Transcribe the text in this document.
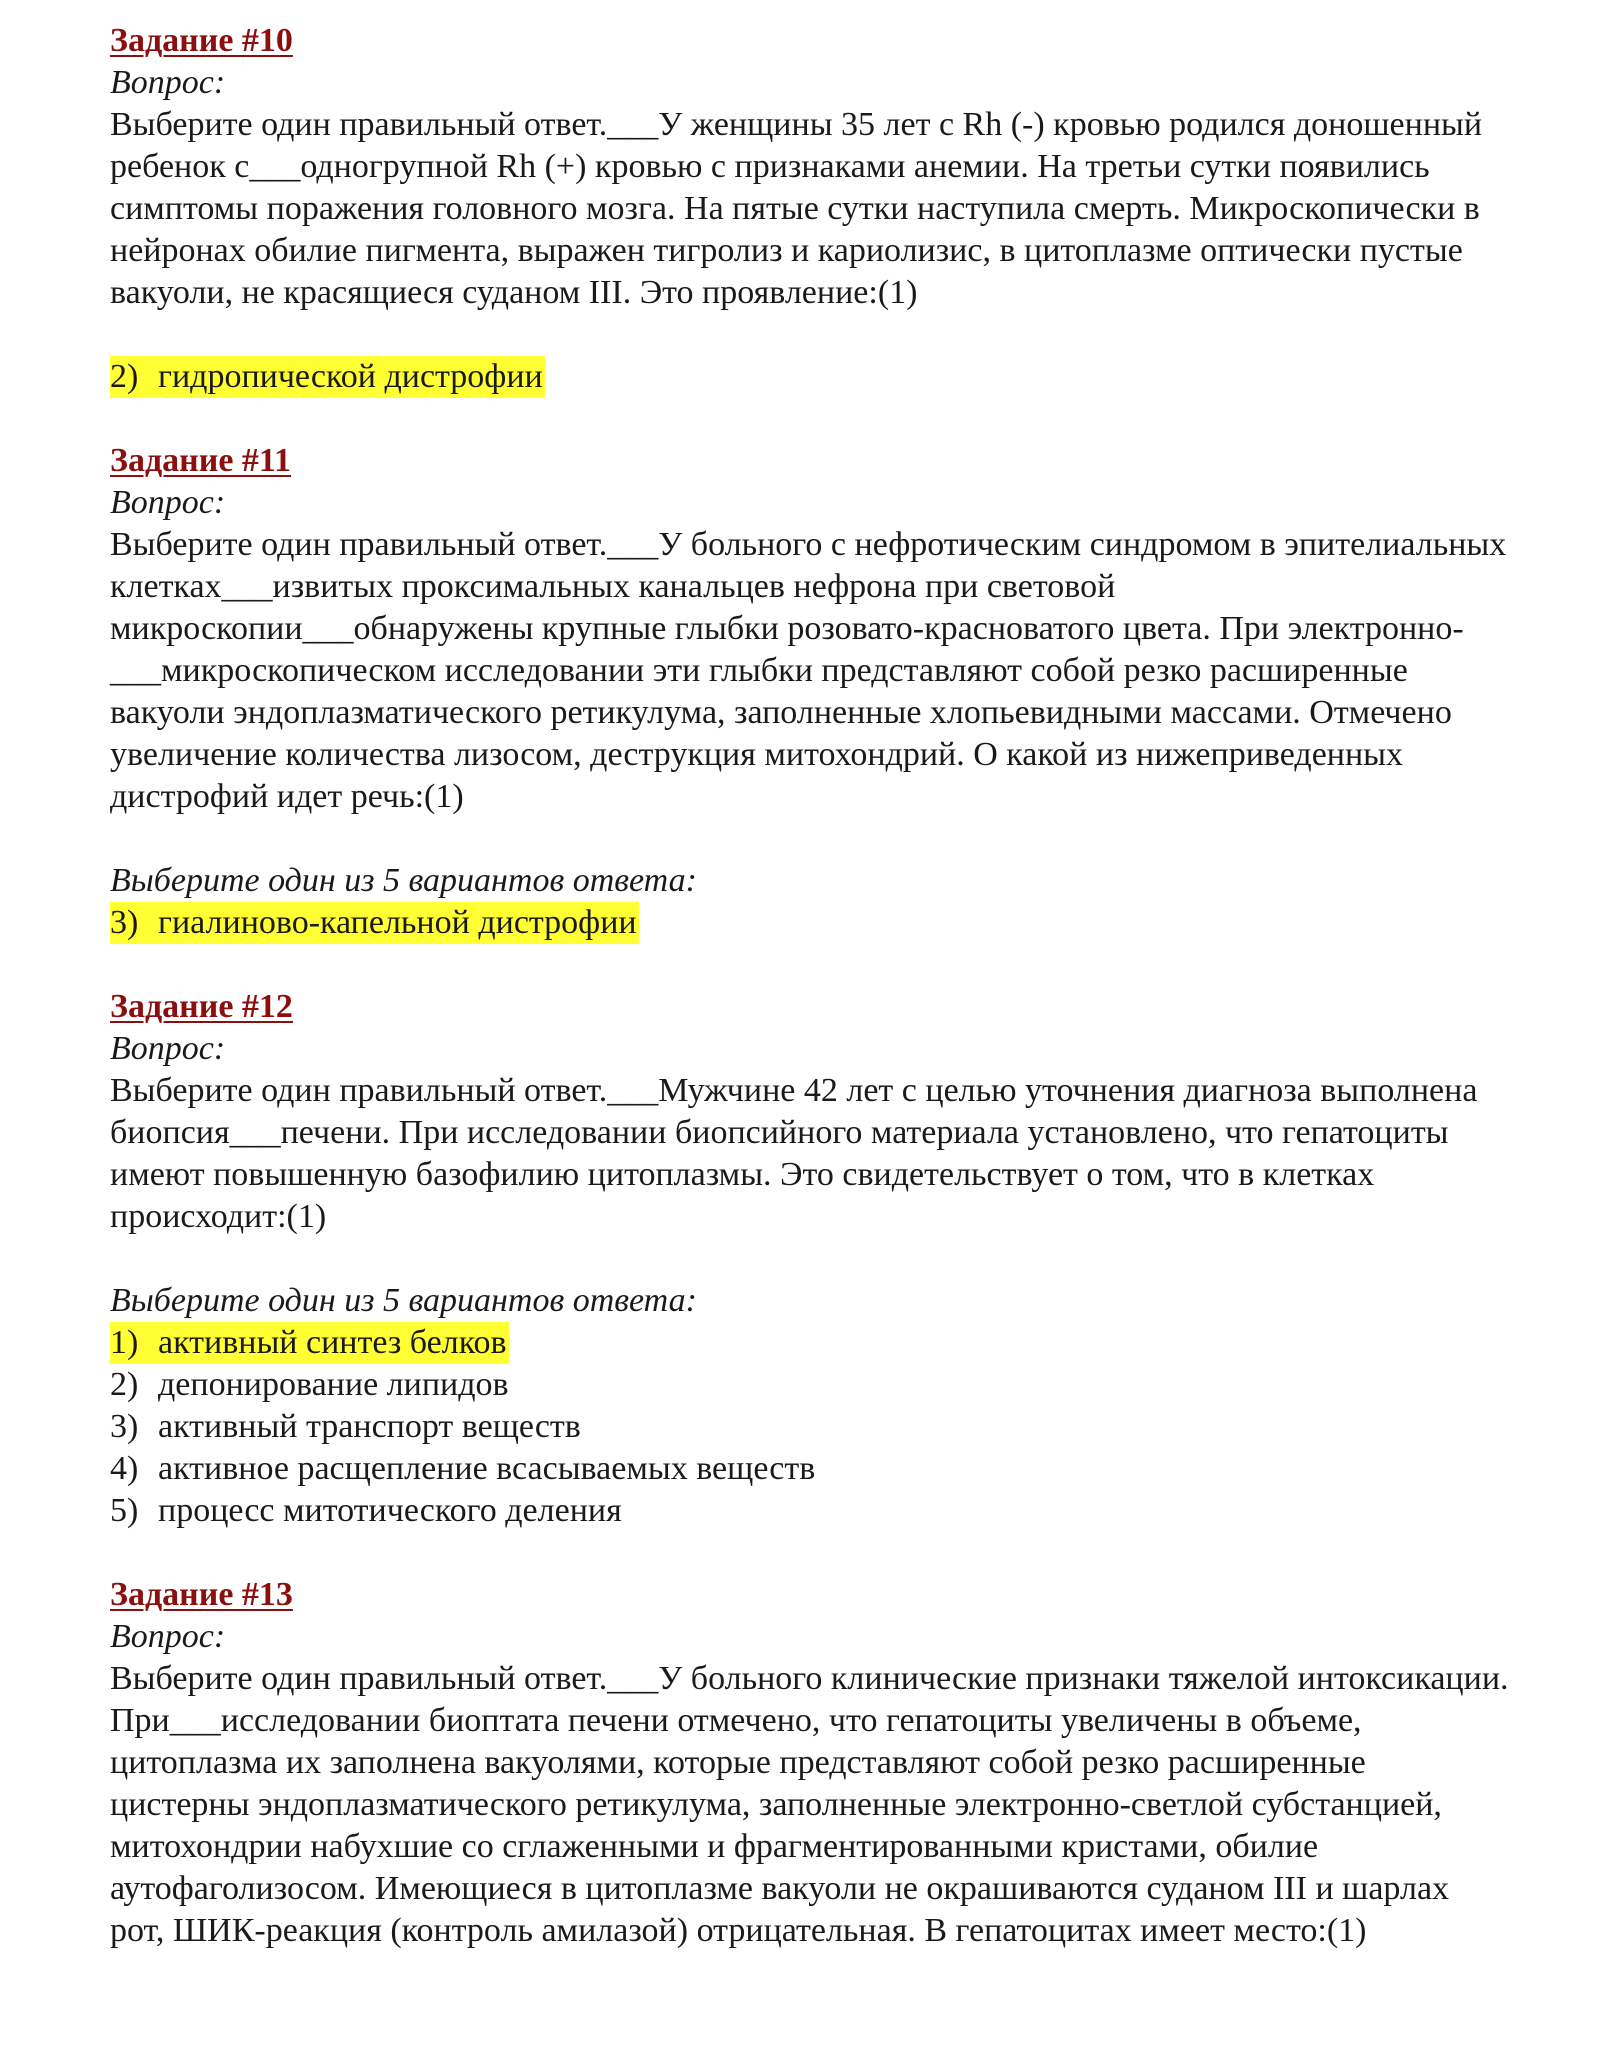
Задание #10
Вопрос:

Выберите один правильный ответ.___У женщины 35 лет с Rh (-) кровью родился доношенный ребенок с___одногрупной Rh (+) кровью с признаками анемии. На третьи сутки появились симптомы поражения головного мозга. На пятые сутки наступила смерть. Микроскопически в нейронах обилие пигмента, выражен тигролиз и кариолизис, в цитоплазме оптически пустые вакуоли, не красящиеся суданом III. Это проявление:(1)

2) гидропической дистрофии
Задание #11
Вопрос:

Выберите один правильный ответ.___У больного с нефротическим синдромом в эпителиальных клетках___извитых проксимальных канальцев нефрона при световой микроскопии___обнаружены крупные глыбки розовато-красноватого цвета. При электронно-___микроскопическом исследовании эти глыбки представляют собой резко расширенные вакуоли эндоплазматического ретикулума, заполненные хлопьевидными массами. Отмечено увеличение количества лизосом, деструкция митохондрий. О какой из нижеприведенных дистрофий идет речь:(1)

Выберите один из 5 вариантов ответа:
3) гиалиново-капельной дистрофии
Задание #12
Вопрос:

Выберите один правильный ответ.___Мужчине 42 лет с целью уточнения диагноза выполнена биопсия___печени. При исследовании биопсийного материала установлено, что гепатоциты имеют повышенную базофилию цитоплазмы. Это свидетельствует о том, что в клетках происходит:(1)

Выберите один из 5 вариантов ответа:
1) активный синтез белков
2) депонирование липидов
3) активный транспорт веществ
4) активное расщепление всасываемых веществ
5) процесс митотического деления
Задание #13
Вопрос:

Выберите один правильный ответ.___У больного клинические признаки тяжелой интоксикации. При___исследовании биоптата печени отмечено, что гепатоциты увеличены в объеме, цитоплазма их заполнена вакуолями, которые представляют собой резко расширенные цистерны эндоплазматического ретикулума, заполненные электронно-светлой субстанцией, митохондрии набухшие со сглаженными и фрагментированными кристами, обилие аутофаголизосом. Имеющиеся в цитоплазме вакуоли не окрашиваются суданом III и шарлах рот, ШИК-реакция (контроль амилазой) отрицательная. В гепатоцитах имеет место:(1)
